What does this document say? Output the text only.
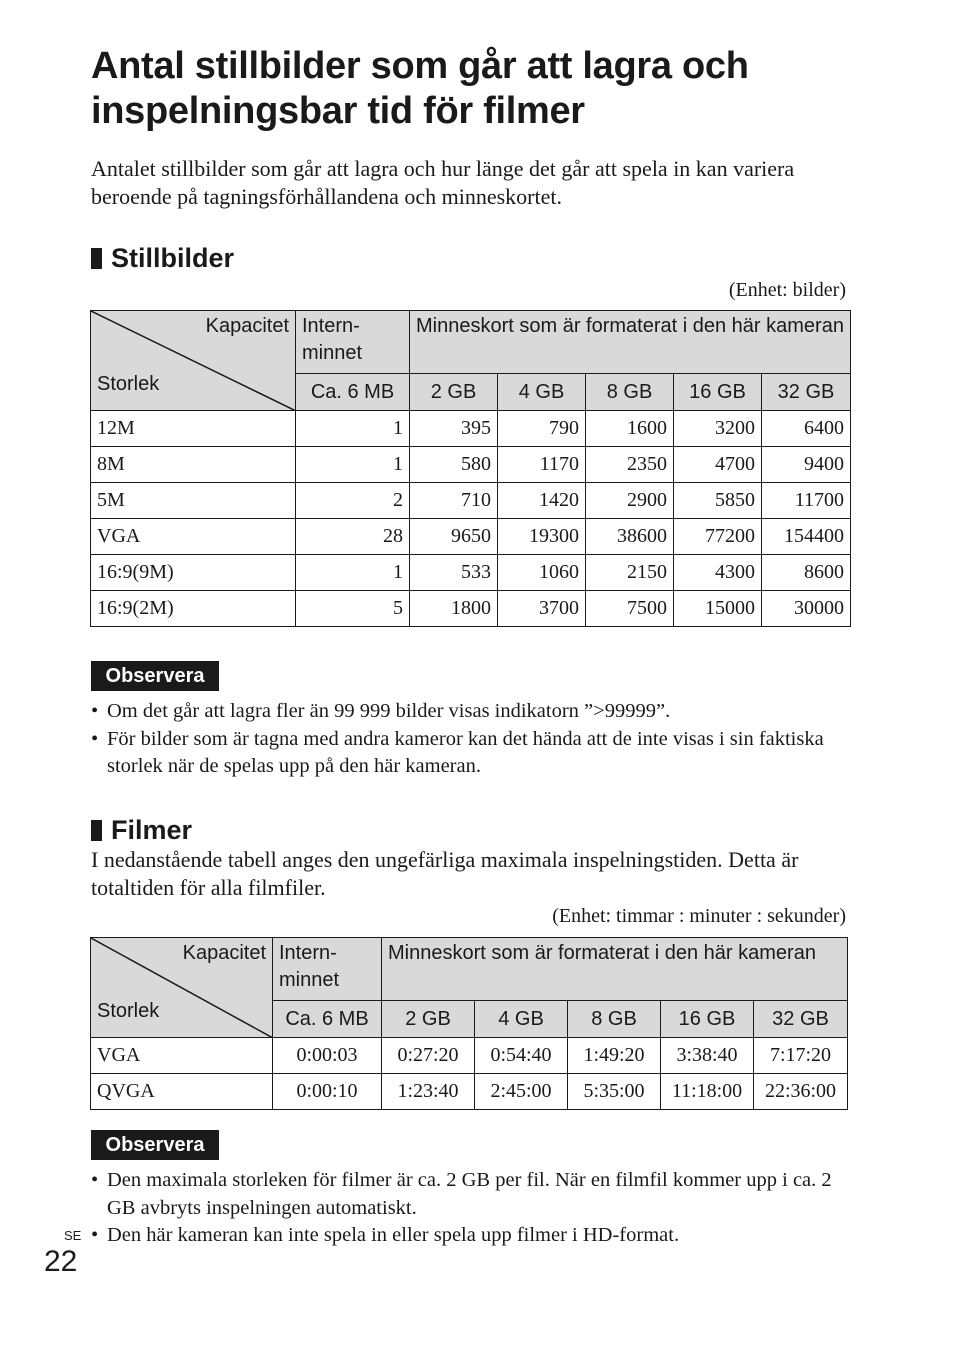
Antal stillbilder som går att lagra och inspelningsbar tid för filmer

Antalet stillbilder som går att lagra och hur länge det går att spela in kan variera beroende på tagningsförhållandena och minneskortet.

Stillbilder

(Enhet: bilder)

Kapacitet
Storlek	Intern- minnet	Minneskort som är formaterat i den här kameran				
	Ca. 6 MB	2 GB	4 GB	8 GB	16 GB	32 GB
12M	1	395	790	1600	3200	6400
8M	1	580	1170	2350	4700	9400
5M	2	710	1420	2900	5850	11700
VGA	28	9650	19300	38600	77200	154400
16:9(9M)	1	533	1060	2150	4300	8600
16:9(2M)	5	1800	3700	7500	15000	30000
Observera
• Om det går att lagra fler än 99 999 bilder visas indikatorn ”>99999”.
• För bilder som är tagna med andra kameror kan det hända att de inte visas i sin faktiska storlek när de spelas upp på den här kameran.
Filmer

I nedanstående tabell anges den ungefärliga maximala inspelningstiden. Detta är totaltiden för alla filmfiler.

(Enhet: timmar : minuter : sekunder)

Kapacitet
Storlek	Intern- minnet	Minneskort som är formaterat i den här kameran				
	Ca. 6 MB	2 GB	4 GB	8 GB	16 GB	32 GB
VGA	0:00:03	0:27:20	0:54:40	1:49:20	3:38:40	7:17:20
QVGA	0:00:10	1:23:40	2:45:00	5:35:00	11:18:00	22:36:00
Observera
• Den maximala storleken för filmer är ca. 2 GB per fil. När en filmfil kommer upp i ca. 2 GB avbryts inspelningen automatiskt.
• Den här kameran kan inte spela in eller spela upp filmer i HD-format.
SE
22
